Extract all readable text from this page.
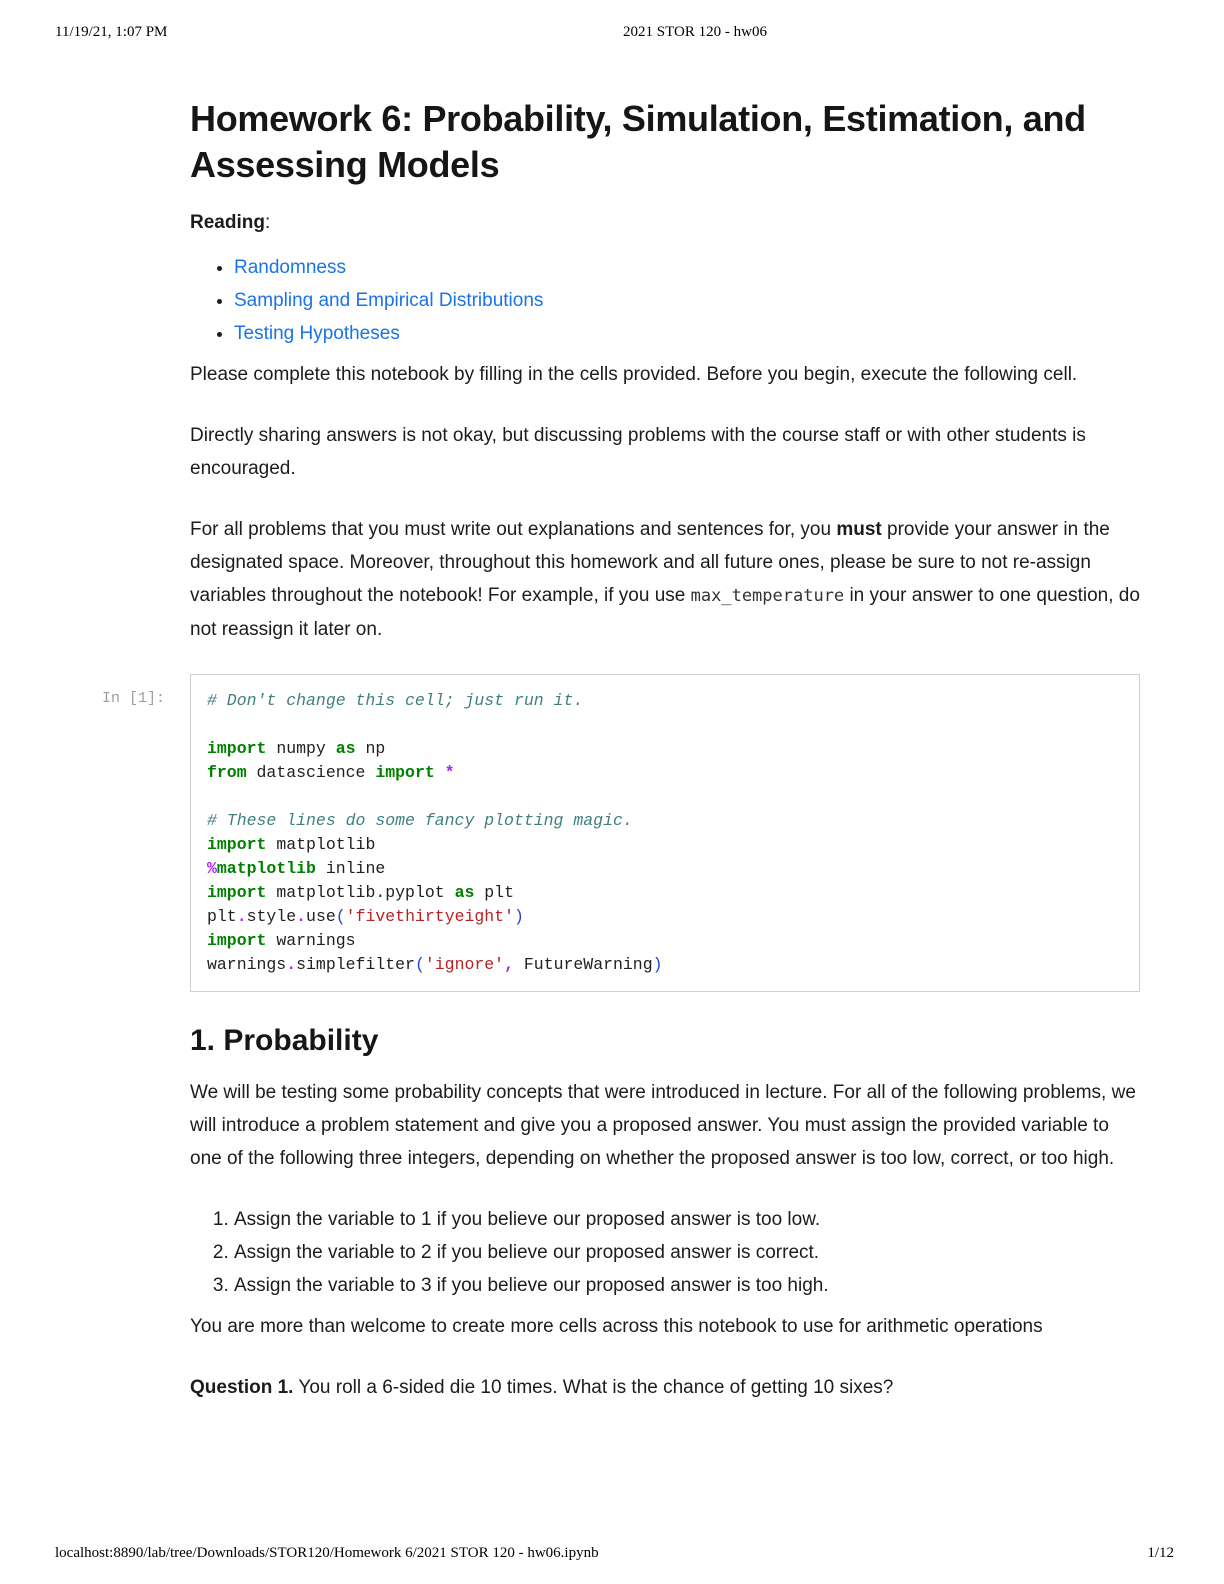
11/19/21, 1:07 PM	2021 STOR 120 - hw06
Homework 6: Probability, Simulation, Estimation, and Assessing Models

Reading:

• Randomness
• Sampling and Empirical Distributions
• Testing Hypotheses

Please complete this notebook by filling in the cells provided. Before you begin, execute the following cell.

Directly sharing answers is not okay, but discussing problems with the course staff or with other students is encouraged.

For all problems that you must write out explanations and sentences for, you must provide your answer in the designated space. Moreover, throughout this homework and all future ones, please be sure to not re-assign variables throughout the notebook! For example, if you use max_temperature in your answer to one question, do not reassign it later on.

In [1]:	# Don't change this cell; just run it.

import numpy as np
from datascience import *

# These lines do some fancy plotting magic.
import matplotlib
%matplotlib inline
import matplotlib.pyplot as plt
plt.style.use('fivethirtyeight')
import warnings
warnings.simplefilter('ignore', FutureWarning)
1. Probability

We will be testing some probability concepts that were introduced in lecture. For all of the following problems, we will introduce a problem statement and give you a proposed answer. You must assign the provided variable to one of the following three integers, depending on whether the proposed answer is too low, correct, or too high.

1. Assign the variable to 1 if you believe our proposed answer is too low.
2. Assign the variable to 2 if you believe our proposed answer is correct.
3. Assign the variable to 3 if you believe our proposed answer is too high.

You are more than welcome to create more cells across this notebook to use for arithmetic operations

Question 1. You roll a 6-sided die 10 times. What is the chance of getting 10 sixes?

localhost:8890/lab/tree/Downloads/STOR120/Homework 6/2021 STOR 120 - hw06.ipynb	1/12
